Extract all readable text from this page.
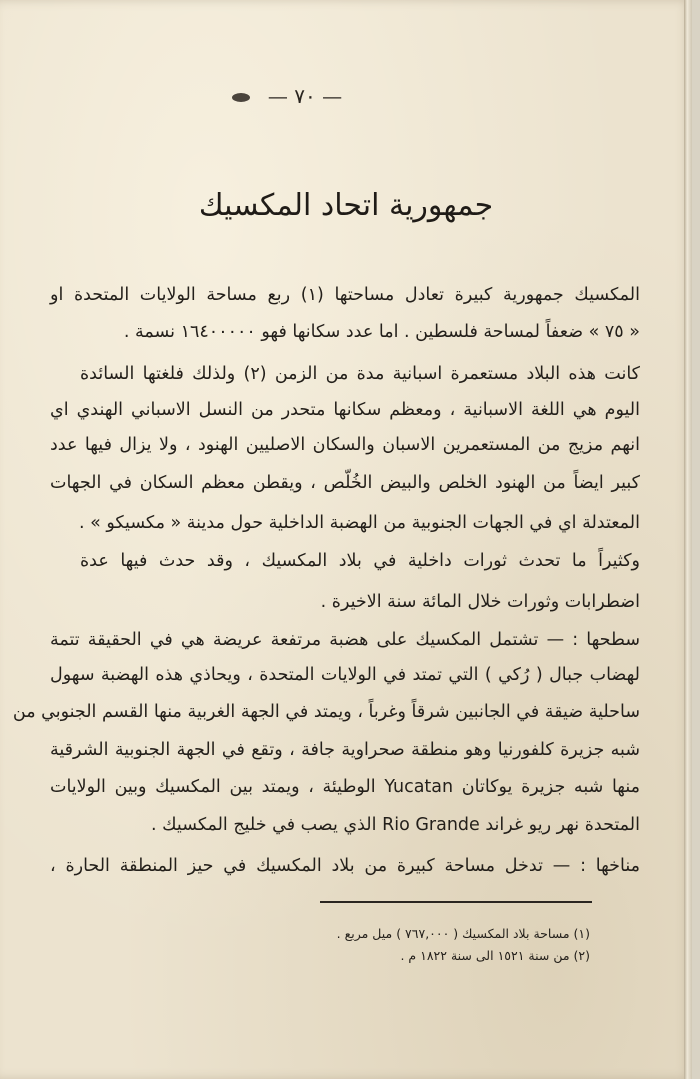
— ٧٠ —
جمهورية اتحاد المكسيك
المكسيك جمهورية كبيرة تعادل مساحتها (١) ربع مساحة الولايات المتحدة او
« ٧٥ » ضعفاً لمساحة فلسطين . اما عدد سكانها فهو ١٦٤٠٠٠٠٠ نسمة .
كانت هذه البلاد مستعمرة اسبانية مدة من الزمن (٢) ولذلك فلغتها السائدة
اليوم هي اللغة الاسبانية ، ومعظم سكانها متحدر من النسل الاسباني الهندي اي
انهم مزيج من المستعمرين الاسبان والسكان الاصليين الهنود ، ولا يزال فيها عدد
كبير ايضاً من الهنود الخلص والبيض الخُلّص ، ويقطن معظم السكان في الجهات
المعتدلة اي في الجهات الجنوبية من الهضبة الداخلية حول مدينة « مكسيكو » .
وكثيراً ما تحدث ثورات داخلية في بلاد المكسيك ، وقد حدث فيها عدة
اضطرابات وثورات خلال المائة سنة الاخيرة .
سطحها : — تشتمل المكسيك على هضبة مرتفعة عريضة هي في الحقيقة تتمة
لهضاب جبال ( رُكي ) التي تمتد في الولايات المتحدة ، ويحاذي هذه الهضبة سهول
ساحلية ضيقة في الجانبين شرقاً وغرباً ، ويمتد في الجهة الغربية منها القسم الجنوبي من
شبه جزيرة كلفورنيا وهو منطقة صحراوية جافة ، وتقع في الجهة الجنوبية الشرقية
منها شبه جزيرة يوكاتان Yucatan الوطيئة ، ويمتد بين المكسيك وبين الولايات
المتحدة نهر ريو غراند Rio Grande الذي يصب في خليج المكسيك .
مناخها : — تدخل مساحة كبيرة من بلاد المكسيك في حيز المنطقة الحارة ،
(١) مساحة بلاد المكسيك ( ٧٦٧,٠٠٠ ) ميل مربع .
(٢) من سنة ١٥٢١ الى سنة ١٨٢٢ م .
